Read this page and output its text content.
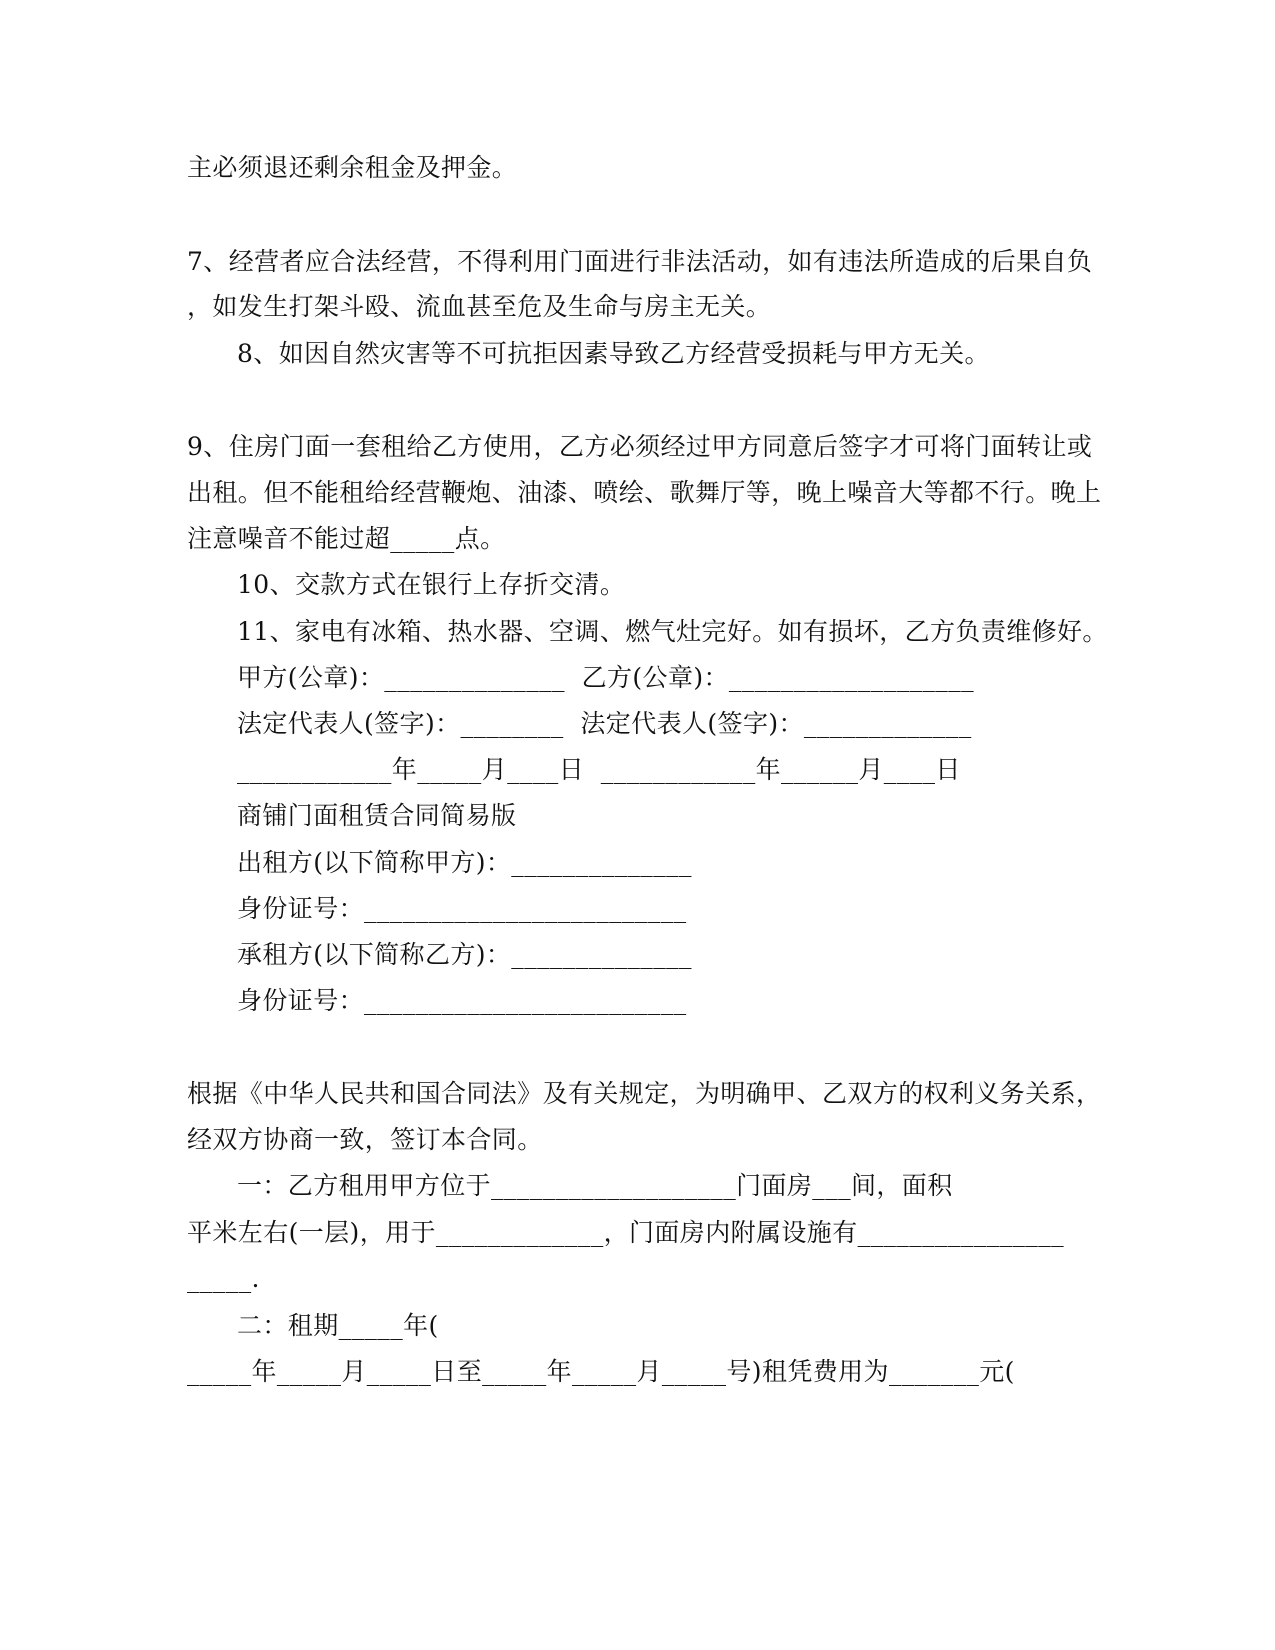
主必须退还剩余租金及押金。
7、经营者应合法经营，不得利用门面进行非法活动，如有违法所造成的后果自负
，如发生打架斗殴、流血甚至危及生命与房主无关。
8、如因自然灾害等不可抗拒因素导致乙方经营受损耗与甲方无关。
9、住房门面一套租给乙方使用，乙方必须经过甲方同意后签字才可将门面转让或
出租。但不能租给经营鞭炮、油漆、喷绘、歌舞厅等，晚上噪音大等都不行。晚上
注意噪音不能过超_____点。
10、交款方式在银行上存折交清。
11、家电有冰箱、热水器、空调、燃气灶完好。如有损坏，乙方负责维修好。
甲方(公章)：______________  乙方(公章)：___________________
法定代表人(签字)：________  法定代表人(签字)：_____________
____________年_____月____日  ____________年______月____日
商铺门面租赁合同简易版
出租方(以下简称甲方)：______________
身份证号：_________________________
承租方(以下简称乙方)：______________
身份证号：_________________________
根据《中华人民共和国合同法》及有关规定，为明确甲、乙双方的权利义务关系，
经双方协商一致，签订本合同。
一：乙方租用甲方位于___________________门面房___间，面积
平米左右(一层)，用于_____________，门面房内附属设施有________________
_____.
二：租期_____年(
_____年_____月_____日至_____年_____月_____号)租凭费用为_______元(
